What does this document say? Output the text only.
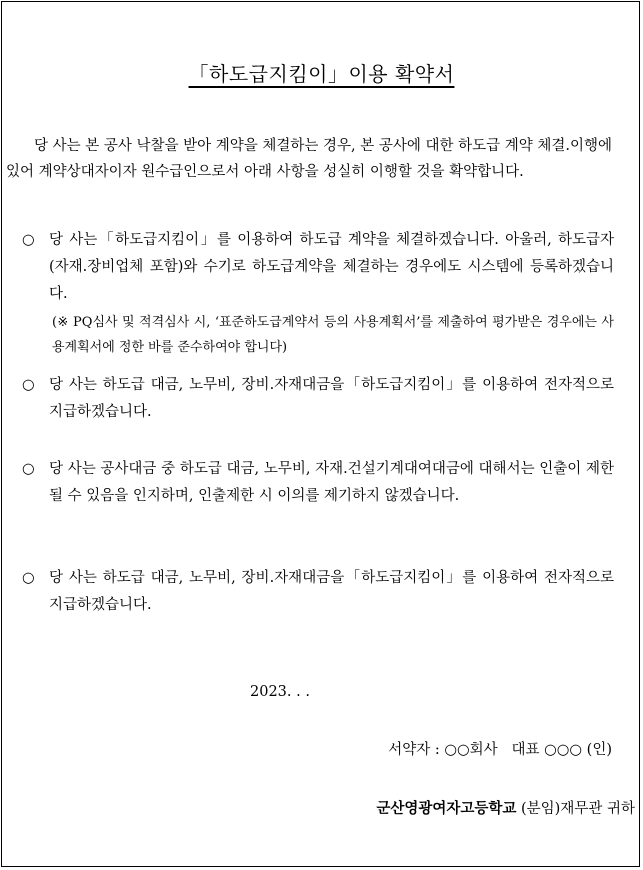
「하도급지킴이」이용 확약서
당 사는 본 공사 낙찰을 받아 계약을 체결하는 경우, 본 공사에 대한 하도급 계약 체결.이행에 있어 계약상대자이자 원수급인으로서 아래 사항을 성실히 이행할 것을 확약합니다.
○ 당 사는「하도급지킴이」를 이용하여 하도급 계약을 체결하겠습니다. 아울러, 하도급자(자재.장비업체 포함)와 수기로 하도급계약을 체결하는 경우에도 시스템에 등록하겠습니다.
(※ PQ심사 및 적격심사 시, ‘표준하도급계약서 등의 사용계획서’를 제출하여 평가받은 경우에는 사용계획서에 정한 바를 준수하여야 합니다)
○ 당 사는 하도급 대금, 노무비, 장비.자재대금을「하도급지킴이」를 이용하여 전자적으로 지급하겠습니다.
○ 당 사는 공사대금 중 하도급 대금, 노무비, 자재.건설기계대여대금에 대해서는 인출이 제한될 수 있음을 인지하며, 인출제한 시 이의를 제기하지 않겠습니다.
○ 당 사는 하도급 대금, 노무비, 장비.자재대금을「하도급지킴이」를 이용하여 전자적으로 지급하겠습니다.
2023. . .
서약자 : ○○회사   대표 ○○○ (인)
군산영광여자고등학교 (분임)재무관 귀하
